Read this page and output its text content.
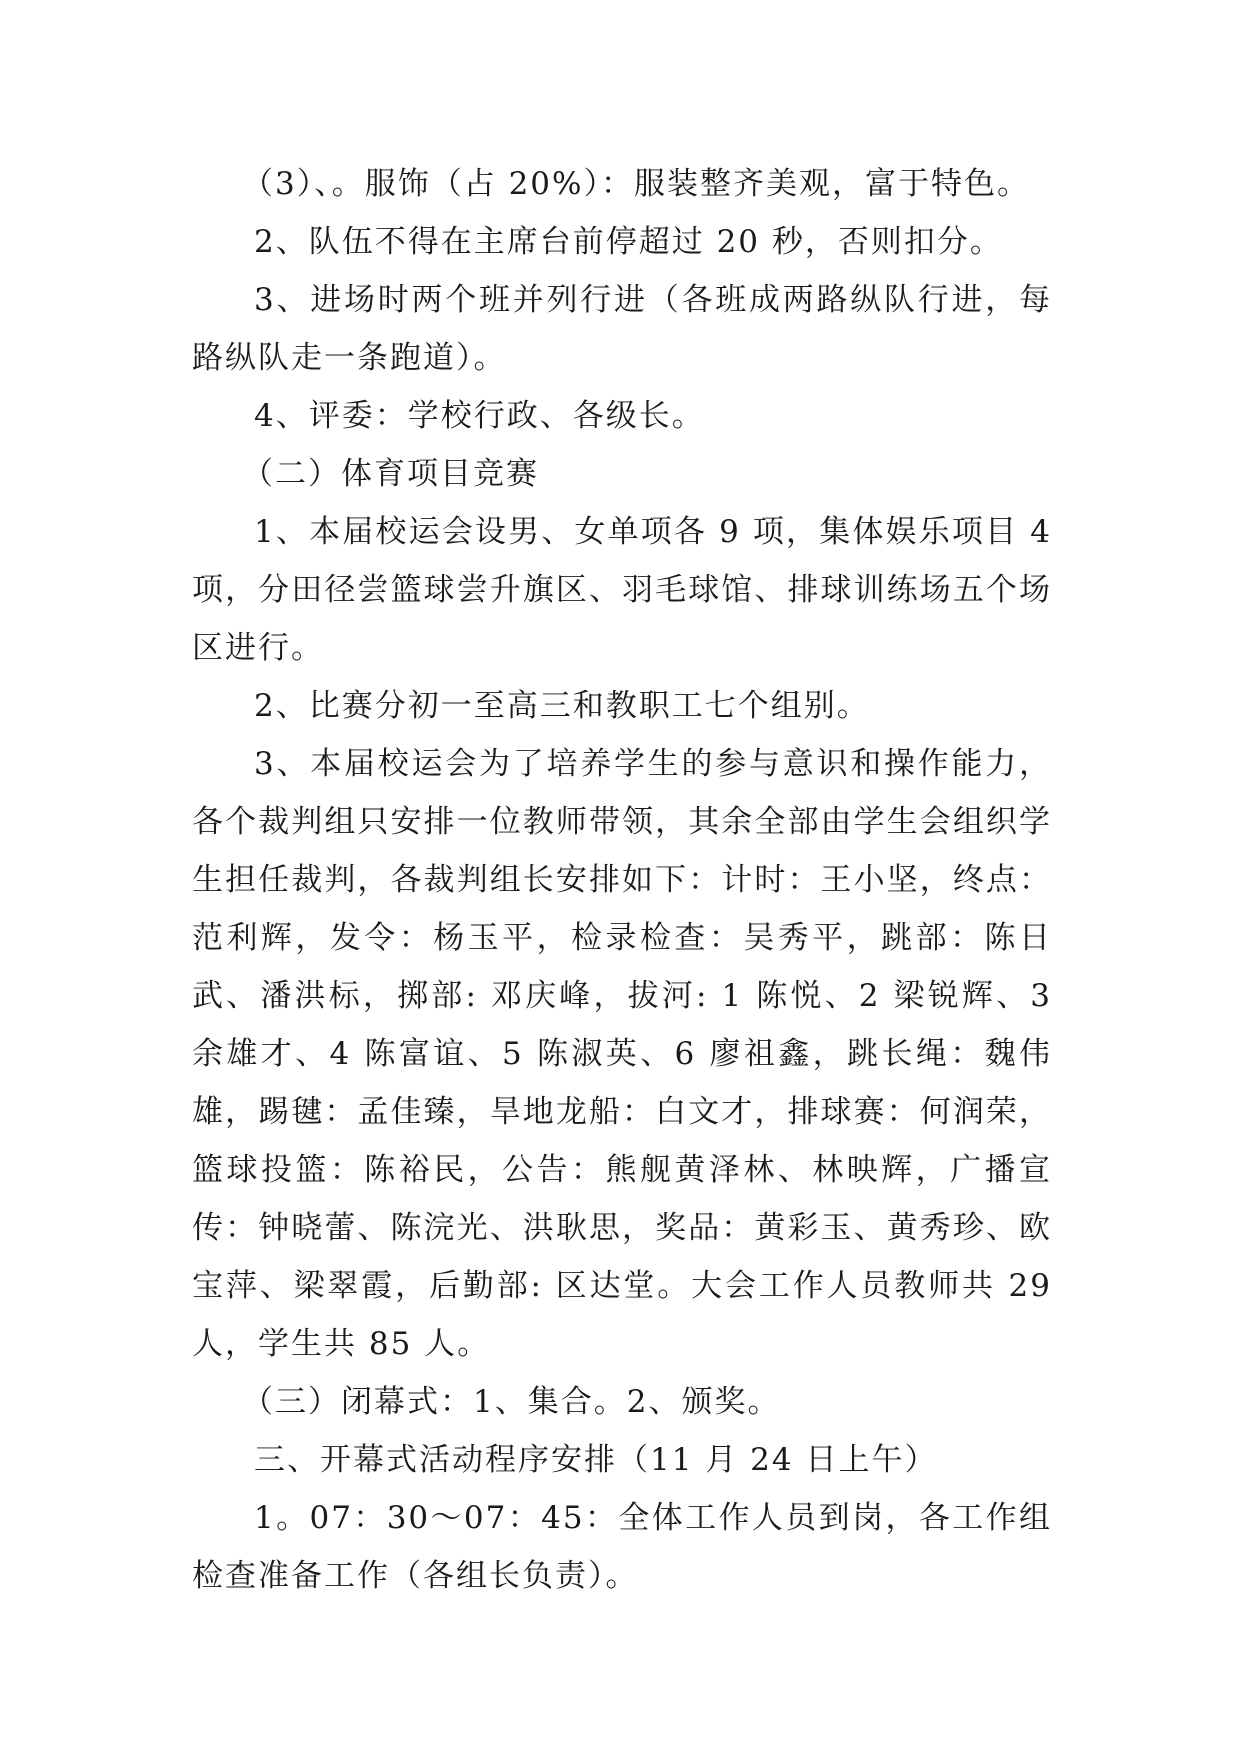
（3）、。服饰（占 20%）：服装整齐美观，富于特色。

2、队伍不得在主席台前停超过 20 秒，否则扣分。

3、进场时两个班并列行进（各班成两路纵队行进，每路纵队走一条跑道）。

4、评委：学校行政、各级长。

（二）体育项目竞赛

1、本届校运会设男、女单项各 9 项，集体娱乐项目 4 项，分田径尝篮球尝升旗区、羽毛球馆、排球训练场五个场区进行。

2、比赛分初一至高三和教职工七个组别。

3、本届校运会为了培养学生的参与意识和操作能力，各个裁判组只安排一位教师带领，其余全部由学生会组织学生担任裁判，各裁判组长安排如下：计时：王小坚，终点：范利辉，发令：杨玉平，检录检查：吴秀平，跳部：陈日武、潘洪标，掷部: 邓庆峰，拔河: 1 陈悦、2 梁锐辉、3 余雄才、4 陈富谊、5 陈淑英、6 廖祖鑫，跳长绳：魏伟雄，踢毽：孟佳臻，旱地龙船：白文才，排球赛：何润荣，篮球投篮：陈裕民，公告：熊舰黄泽林、林映辉，广播宣传：钟晓蕾、陈浣光、洪耿思，奖品：黄彩玉、黄秀珍、欧宝萍、梁翠霞，后勤部: 区达堂。大会工作人员教师共 29 人，学生共 85 人。

（三）闭幕式：1、集合。2、颁奖。

三、开幕式活动程序安排（11 月 24 日上午）

1。07：30～07：45：全体工作人员到岗，各工作组检查准备工作（各组长负责）。
